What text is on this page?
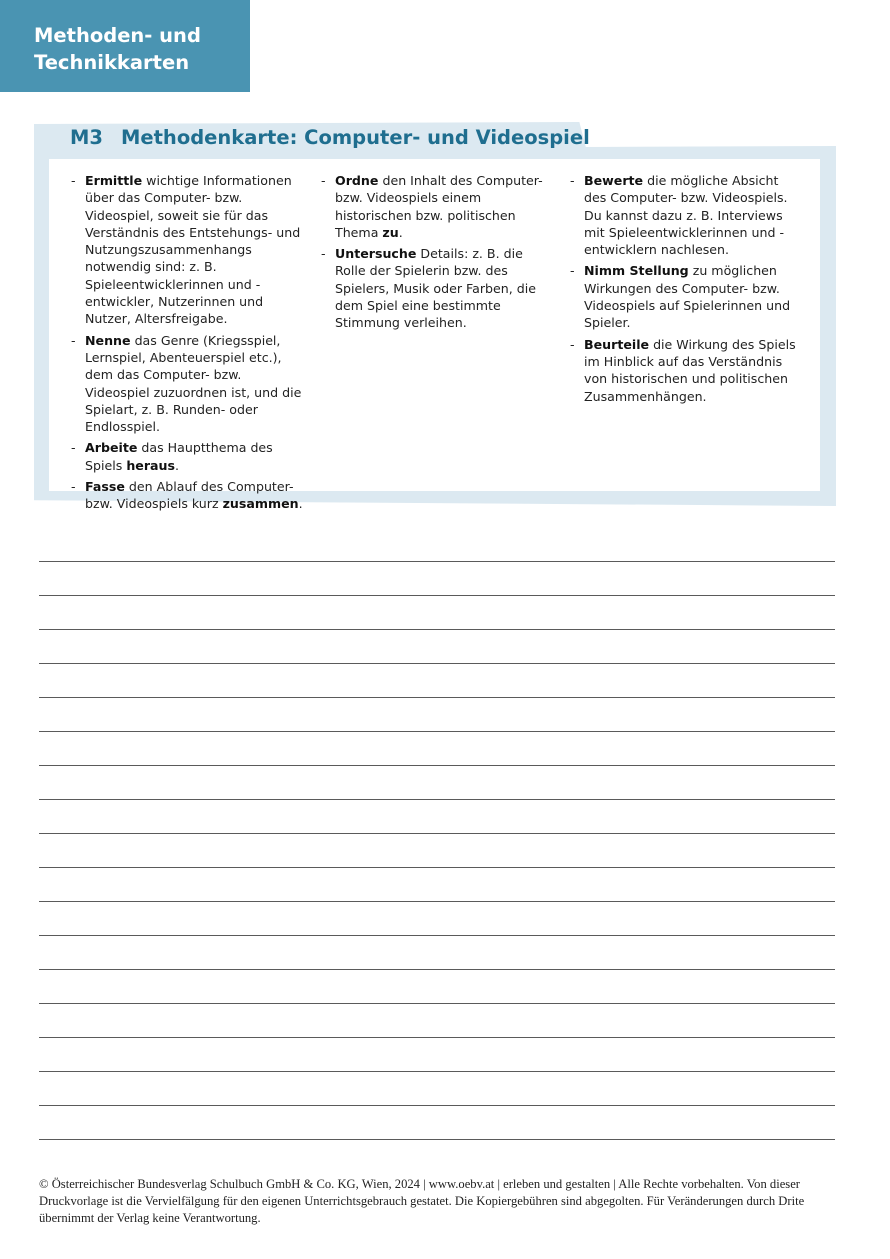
Methoden- und
Technikkarten
M3 Methodenkarte: Computer- und Videospiel
- Ermittle wichtige Informationen über das Computer- bzw. Videospiel, soweit sie für das Verständnis des Entstehungs- und Nutzungszusammenhangs notwendig sind: z. B. Spieleentwicklerinnen und -entwickler, Nutzerinnen und Nutzer, Altersfreigabe.
- Nenne das Genre (Kriegsspiel, Lernspiel, Abenteuerspiel etc.), dem das Computer- bzw. Videospiel zuzuordnen ist, und die Spielart, z. B. Runden- oder Endlosspiel.
- Arbeite das Hauptthema des Spiels heraus.
- Fasse den Ablauf des Computer- bzw. Videospiels kurz zusammen.
- Ordne den Inhalt des Computer- bzw. Videospiels einem historischen bzw. politischen Thema zu.
- Untersuche Details: z. B. die Rolle der Spielerin bzw. des Spielers, Musik oder Farben, die dem Spiel eine bestimmte Stimmung verleihen.
- Bewerte die mögliche Absicht des Computer- bzw. Videospiels. Du kannst dazu z. B. Interviews mit Spieleentwicklerinnen und -entwicklern nachlesen.
- Nimm Stellung zu möglichen Wirkungen des Computer- bzw. Videospiels auf Spielerinnen und Spieler.
- Beurteile die Wirkung des Spiels im Hinblick auf das Verständnis von historischen und politischen Zusammenhängen.
© Österreichischer Bundesverlag Schulbuch GmbH & Co. KG, Wien, 2024 | www.oebv.at | erleben und gestalten | Alle Rechte vorbehalten. Von dieser Druckvorlage ist die Vervielfälgung für den eigenen Unterrichtsgebrauch gestatet. Die Kopiergebühren sind abgegolten. Für Veränderungen durch Drite übernimmt der Verlag keine Verantwortung.
